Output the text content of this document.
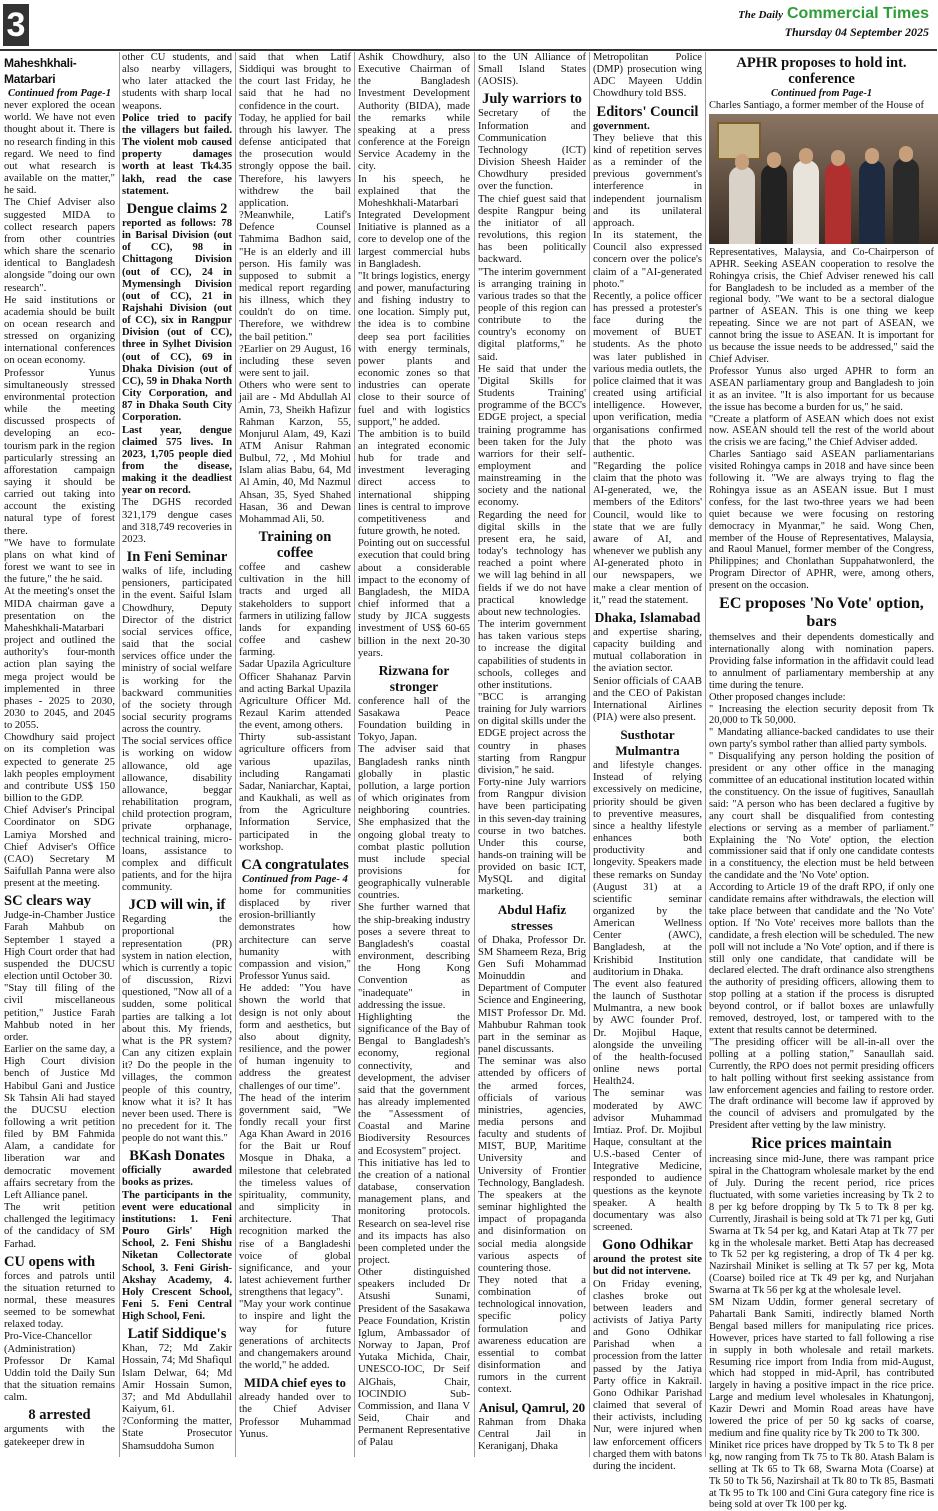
3	The Daily Commercial Times
Thursday 04 September 2025
Maheshkhali-Matarbari

Continued from Page-1

never explored the ocean world. We have not even thought about it. There is no research finding in this regard. We need to find out what research is available on the matter," he said.

The Chief Adviser also suggested MIDA to collect research papers from other countries which share the scenario identical to Bangladesh alongside "doing our own research".

He said institutions or academia should be built on ocean research and stressed on organizing international conferences on ocean economy.

Professor Yunus simultaneously stressed environmental protection while the meeting discussed prospects of developing an eco-tourism park in the region particularly stressing an afforestation campaign saying it should be carried out taking into account the existing natural type of forest there.

"We have to formulate plans on what kind of forest we want to see in the future," the he said.

At the meeting's onset the MIDA chairman gave a presentation on the Maheshkhali-Matarbari project and outlined the authority's four-month action plan saying the mega project would be implemented in three phases - 2025 to 2030, 2030 to 2045, and 2045 to 2055.

Chowdhury said project on its completion was expected to generate 25 lakh peoples employment and contribute US$ 150 billion to the GDP.

Chief Adviser's Principal Coordinator on SDG Lamiya Morshed and Chief Adviser's Office (CAO) Secretary M Saifullah Panna were also present at the meeting.

SC clears way

Judge-in-Chamber Justice Farah Mahbub on September 1 stayed a High Court order that had suspended the DUCSU election until October 30.

"Stay till filing of the civil miscellaneous petition," Justice Farah Mahbub noted in her order.

Earlier on the same day, a High Court division bench of Justice Md Habibul Gani and Justice Sk Tahsin Ali had stayed the DUCSU election following a writ petition filed by BM Fahmida Alam, a candidate for liberation war and democratic movement affairs secretary from the Left Alliance panel.

The writ petition challenged the legitimacy of the candidacy of SM Farhad.

CU opens with

forces and patrols until the situation returned to normal, these measures seemed to be somewhat relaxed today.

Pro-Vice-Chancellor (Administration) Professor Dr Kamal Uddin told the Daily Sun that the situation remains calm.

8 arrested

arguments with the gatekeeper drew in

other CU students, and also nearby villagers, who later attacked the students with sharp local weapons.

Police tried to pacify the villagers but failed. The violent mob caused property damages worth at least Tk4.35 lakh, read the case statement.

Dengue claims 2

reported as follows: 78 in Barisal Division (out of CC), 98 in Chittagong Division (out of CC), 24 in Mymensingh Division (out of CC), 21 in Rajshahi Division (out of CC), six in Rangpur Division (out of CC), three in Sylhet Division (out of CC), 69 in Dhaka Division (out of CC), 59 in Dhaka North City Corporation, and 87 in Dhaka South City Corporation.

Last year, dengue claimed 575 lives. In 2023, 1,705 people died from the disease, making it the deadliest year on record.

The DGHS recorded 321,179 dengue cases and 318,749 recoveries in 2023.

In Feni Seminar

walks of life, including pensioners, participated in the event. Saiful Islam Chowdhury, Deputy Director of the district social services office, said that the social services office under the ministry of social welfare is working for the backward communities of the society through social security programs across the country.

The social services office is working on widow allowance, old age allowance, disability allowance, beggar rehabilitation program, child protection program, private orphanage, technical training, micro-loans, assistance to complex and difficult patients, and for the hijra community.

JCD will win, if

Regarding the proportional representation (PR) system in nation election, which is currently a topic of discussion, Rizvi questioned, "Now all of a sudden, some political parties are talking a lot about this. My friends, what is the PR system? Can any citizen explain it? Do the people in the villages, the common people of this country, know what it is? It has never been used. There is no precedent for it. The people do not want this."

BKash Donates

officially awarded books as prizes.

The participants in the event were educational institutions: 1. Feni Pouro Girls' High School, 2. Feni Shishu Niketan Collectorate School, 3. Feni Girish-Akshay Academy, 4. Holy Crescent School, Feni 5. Feni Central High School, Feni.

Latif Siddique's

Khan, 72; Md Zakir Hossain, 74; Md Shafiqul Islam Delwar, 64; Md Amir Hossain Sumon, 37; and Md Abdullahil Kaiyum, 61.

?Conforming the matter, State Prosecutor Shamsuddoha Sumon

said that when Latif Siddiqui was brought to the court last Friday, he said that he had no confidence in the court.

Today, he applied for bail through his lawyer. The defense anticipated that the prosecution would strongly oppose the bail. Therefore, his lawyers withdrew the bail application.

?Meanwhile, Latif's Defence Counsel Tahmima Badhon said, "He is an elderly and ill person. His family was supposed to submit a medical report regarding his illness, which they couldn't do on time. Therefore, we withdrew the bail petition."

?Earlier on 29 August, 16 including these seven were sent to jail.

Others who were sent to jail are - Md Abdullah Al Amin, 73, Sheikh Hafizur Rahman Karzon, 55, Monjurul Alam, 49, Kazi ATM Anisur Rahman Bulbul, 72, , Md Mohiul Islam alias Babu, 64, Md Al Amin, 40, Md Nazmul Ahsan, 35, Syed Shahed Hasan, 36 and Dewan Mohammad Ali, 50.

Training on coffee

coffee and cashew cultivation in the hill tracts and urged all stakeholders to support farmers in utilizing fallow lands for expanding coffee and cashew farming.

Sadar Upazila Agriculture Officer Shahanaz Parvin and acting Barkal Upazila Agriculture Officer Md. Rezaul Karim attended the event, among others.

Thirty sub-assistant agriculture officers from various upazilas, including Rangamati Sadar, Naniarchar, Kaptai, and Kaukhali, as well as from the Agriculture Information Service, participated in the workshop.

CA congratulates

Continued from Page- 4

home for communities displaced by river erosion-brilliantly demonstrates how architecture can serve humanity with compassion and vision," Professor Yunus said.

He added: "You have shown the world that design is not only about form and aesthetics, but also about dignity, resilience, and the power of human ingenuity to address the greatest challenges of our time".

The head of the interim government said, "We fondly recall your first Aga Khan Award in 2016 for the Bait ur Rouf Mosque in Dhaka, a milestone that celebrated the timeless values of spirituality, community, and simplicity in architecture. That recognition marked the rise of a Bangladeshi voice of global significance, and your latest achievement further strengthens that legacy".

"May your work continue to inspire and light the way for future generations of architects and changemakers around the world," he added.

MIDA chief eyes to

already handed over to the Chief Adviser Professor Muhammad Yunus.

Ashik Chowdhury, also Executive Chairman of the Bangladesh Investment Development Authority (BIDA), made the remarks while speaking at a press conference at the Foreign Service Academy in the city.

In his speech, he explained that the Moheshkhali-Matarbari Integrated Development Initiative is planned as a core to develop one of the largest commercial hubs in Bangladesh.

"It brings logistics, energy and power, manufacturing and fishing industry to one location. Simply put, the idea is to combine deep sea port facilities with energy terminals, power plants and economic zones so that industries can operate close to their source of fuel and with logistics support," he added.

The ambition is to build an integrated economic hub for trade and investment leveraging direct access to international shipping lines is central to improve competitiveness and future growth, he noted.

Pointing out on successful execution that could bring about a considerable impact to the economy of Bangladesh, the MIDA chief informed that a study by JICA suggests investment of US$ 60-65 billion in the next 20-30 years.

Rizwana for stronger

conference hall of the Sasakawa Peace Foundation building in Tokyo, Japan.

The adviser said that Bangladesh ranks ninth globally in plastic pollution, a large portion of which originates from neighboring countries. She emphasized that the ongoing global treaty to combat plastic pollution must include special provisions for geographically vulnerable countries.

She further warned that the ship-breaking industry poses a severe threat to Bangladesh's coastal environment, describing the Hong Kong Convention as "inadequate" in addressing the issue.

Highlighting the significance of the Bay of Bengal to Bangladesh's economy, regional connectivity, and development, the adviser said that the government has already implemented the "Assessment of Coastal and Marine Biodiversity Resources and Ecosystem" project.

This initiative has led to the creation of a national database, conservation management plans, and monitoring protocols. Research on sea-level rise and its impacts has also been completed under the project.

Other distinguished speakers included Dr Atsushi Sunami, President of the Sasakawa Peace Foundation, Kristin Iglum, Ambassador of Norway to Japan, Prof Yutaka Michida, Chair, UNESCO-IOC, Dr Seif AlGhais, Chair, IOCINDIO Sub-Commission, and Ilana V Seid, Chair and Permanent Representative of Palau

to the UN Alliance of Small Island States (AOSIS).

July warriors to

Secretary of the Information and Communication Technology (ICT) Division Sheesh Haider Chowdhury presided over the function.

The chief guest said that despite Rangpur being the initiator of all revolutions, this region has been politically backward.

"The interim government is arranging training in various trades so that the people of this region can contribute to the country's economy on digital platforms," he said.

He said that under the 'Digital Skills for Students Training' programme of the BCC's EDGE project, a special training programme has been taken for the July warriors for their self-employment and mainstreaming in the society and the national economy.

Regarding the need for digital skills in the present era, he said, today's technology has reached a point where we will lag behind in all fields if we do not have practical knowledge about new technologies.

The interim government has taken various steps to increase the digital capabilities of students in schools, colleges and other institutions.

"BCC is arranging training for July warriors on digital skills under the EDGE project across the country in phases starting from Rangpur division," he said.

Forty-nine July warriors from Rangpur division have been participating in this seven-day training course in two batches. Under this course, hands-on training will be provided on basic ICT, MySQL and digital marketing.

Abdul Hafiz stresses

of Dhaka, Professor Dr. SM Shameem Reza, Brig Gen Sufi Mohammad Moinuddin and Department of Computer Science and Engineering, MIST Professor Dr. Md. Mahbubur Rahman took part in the seminar as panel discussants.

The seminar was also attended by officers of the armed forces, officials of various ministries, agencies, media persons and faculty and students of MIST, BUP, Maritime University and University of Frontier Technology, Bangladesh.

The speakers at the seminar highlighted the impact of propaganda and disinformation on social media alongside various aspects of countering those.

They noted that a combination of technological innovation, specific policy formulation and awareness education are essential to combat disinformation and rumors in the current context.

Anisul, Qamrul, 20

Rahman from Dhaka Central Jail in Keraniganj, Dhaka

Metropolitan Police (DMP) prosecution wing ADC Mayeen Uddin Chowdhury told BSS.

Editors' Council

government.

They believe that this kind of repetition serves as a reminder of the previous government's interference in independent journalism and its unilateral approach.

In its statement, the Council also expressed concern over the police's claim of a "AI-generated photo."

Recently, a police officer has pressed a protester's face during the movement of BUET students. As the photo was later published in various media outlets, the police claimed that it was created using artificial intelligence. However, upon verification, media organisations confirmed that the photo was authentic.

"Regarding the police claim that the photo was AI-generated, we, the members of the Editors' Council, would like to state that we are fully aware of AI, and whenever we publish any AI-generated photo in our newspapers, we make a clear mention of it," read the statement.

Dhaka, Islamabad

and expertise sharing, capacity building and mutual collaboration in the aviation sector.

Senior officials of CAAB and the CEO of Pakistan International Airlines (PIA) were also present.

Susthotar Mulmantra

and lifestyle changes. Instead of relying excessively on medicine, priority should be given to preventive measures, since a healthy lifestyle enhances both productivity and longevity. Speakers made these remarks on Sunday (August 31) at a scientific seminar organized by the American Wellness Center (AWC), Bangladesh, at the Krishibid Institution auditorium in Dhaka.

The event also featured the launch of Susthotar Mulmantra, a new book by AWC founder Prof. Dr. Mojibul Haque, alongside the unveiling of the health-focused online news portal Health24.

The seminar was moderated by AWC advisor Muhammad Imtiaz. Prof. Dr. Mojibul Haque, consultant at the U.S.-based Center of Integrative Medicine, responded to audience questions as the keynote speaker. A health documentary was also screened.

Gono Odhikar

around the protest site but did not intervene.

On Friday evening, clashes broke out between leaders and activists of Jatiya Party and Gono Odhikar Parishad when a procession from the latter passed by the Jatiya Party office in Kakrail. Gono Odhikar Parishad claimed that several of their activists, including Nur, were injured when law enforcement officers charged them with batons during the incident.

APHR proposes to hold int. conference

Continued from Page-1

Charles Santiago, a former member of the House of

Representatives, Malaysia, and Co-Chairperson of APHR. Seeking ASEAN cooperation to resolve the Rohingya crisis, the Chief Adviser renewed his call for Bangladesh to be included as a member of the regional body. "We want to be a sectoral dialogue partner of ASEAN. This is one thing we keep repeating. Since we are not part of ASEAN, we cannot bring the issue to ASEAN. It is important for us because the issue needs to be addressed," said the Chief Adviser.

Professor Yunus also urged APHR to form an ASEAN parliamentary group and Bangladesh to join it as an invitee. "It is also important for us because the issue has become a burden for us," he said.

"Create a platform of ASEAN which does not exist now. ASEAN should tell the rest of the world about the crisis we are facing," the Chief Adviser added.

Charles Santiago said ASEAN parliamentarians visited Rohingya camps in 2018 and have since been following it. "We are always trying to flag the Rohingya issue as an ASEAN issue. But I must confess, for the last two-three years we had been quiet because we were focusing on restoring democracy in Myanmar," he said. Wong Chen, member of the House of Representatives, Malaysia, and Raoul Manuel, former member of the Congress, Philippines; and Chonlathan Suppahatwonlerd, the Program Director of APHR, were, among others, present on the occasion.

EC proposes 'No Vote' option, bars

themselves and their dependents domestically and internationally along with nomination papers. Providing false information in the affidavit could lead to annulment of parliamentary membership at any time during the tenure.

Other proposed changes include:

" Increasing the election security deposit from Tk 20,000 to Tk 50,000.

" Mandating alliance-backed candidates to use their own party's symbol rather than allied party symbols.

" Disqualifying any person holding the position of president or any other office in the managing committee of an educational institution located within the constituency. On the issue of fugitives, Sanaullah said: "A person who has been declared a fugitive by any court shall be disqualified from contesting elections or serving as a member of parliament." Explaining the 'No Vote' option, the election commissioner said that if only one candidate contests in a constituency, the election must be held between the candidate and the 'No Vote' option.

According to Article 19 of the draft RPO, if only one candidate remains after withdrawals, the election will take place between that candidate and the 'No Vote' option. If 'No Vote' receives more ballots than the candidate, a fresh election will be scheduled. The new poll will not include a 'No Vote' option, and if there is still only one candidate, that candidate will be declared elected. The draft ordinance also strengthens the authority of presiding officers, allowing them to stop polling at a station if the process is disrupted beyond control, or if ballot boxes are unlawfully removed, destroyed, lost, or tampered with to the extent that results cannot be determined.

"The presiding officer will be all-in-all over the polling at a polling station," Sanaullah said. Currently, the RPO does not permit presiding officers to halt polling without first seeking assistance from law enforcement agencies and failing to restore order. The draft ordinance will become law if approved by the council of advisers and promulgated by the President after vetting by the law ministry.

Rice prices maintain

increasing since mid-June, there was rampant price spiral in the Chattogram wholesale market by the end of July. During the recent period, rice prices fluctuated, with some varieties increasing by Tk 2 to 8 per kg before dropping by Tk 5 to Tk 8 per kg. Currently, Jirashail is being sold at Tk 71 per kg, Guti Swarna at Tk 54 per kg, and Katari Atap at Tk 77 per kg in the wholesale market. Betti Atap has decreased to Tk 52 per kg registering, a drop of Tk 4 per kg. Nazirshail Miniket is selling at Tk 57 per kg, Mota (Coarse) boiled rice at Tk 49 per kg, and Nurjahan Swarna at Tk 56 per kg at the wholesale level.

SM Nizam Uddin, former general secretary of Pahartali Bank Samiti, indirectly blamed North Bengal based millers for manipulating rice prices. However, prices have started to fall following a rise in supply in both wholesale and retail markets. Resuming rice import from India from mid-August, which had stopped in mid-April, has contributed largely in having a positive impact in the rice price. Large and medium level wholesales in Khatungonj, Kazir Dewri and Momin Road areas have have lowered the price of per 50 kg sacks of coarse, medium and fine quality rice by Tk 200 to Tk 300.

Miniket rice prices have dropped by Tk 5 to Tk 8 per kg, now ranging from Tk 75 to Tk 80. Atash Balam is selling at Tk 65 to Tk 68, Swarna Mota (Coarse) at Tk 50 to Tk 56, Nazirshail at Tk 80 to Tk 85, Basmati at Tk 95 to Tk 100 and Cini Gura category fine rice is being sold at over Tk 100 per kg.
